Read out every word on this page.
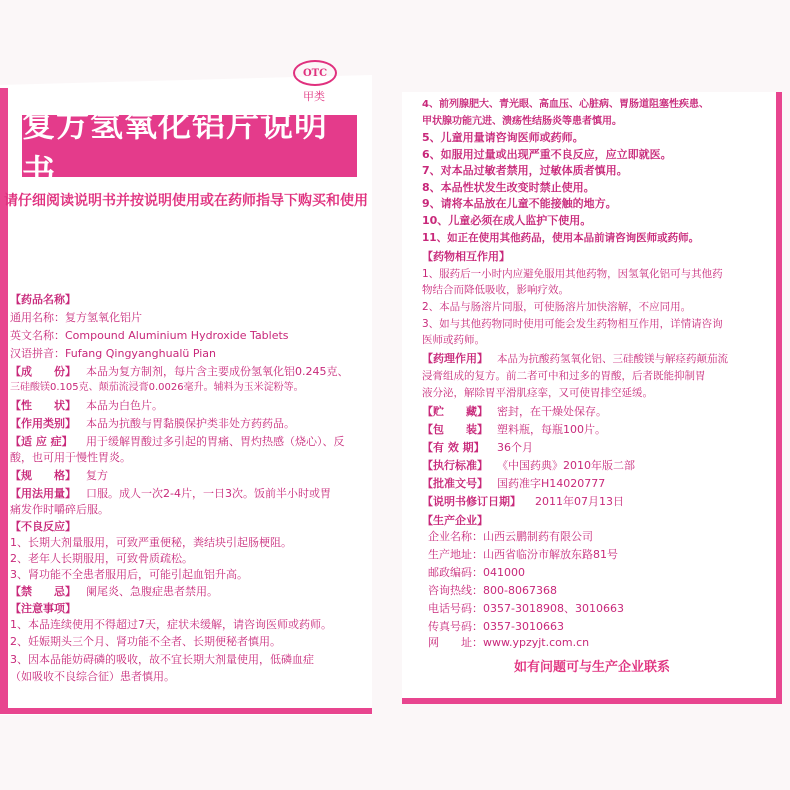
OTC
甲类
复方氢氧化铝片说明书
请仔细阅读说明书并按说明使用或在药师指导下购买和使用
【药品名称】
通用名称：复方氢氧化铝片
英文名称：Compound Aluminium Hydroxide Tablets
汉语拼音：Fufang Qingyanghualü Pian
【成　　份】 本品为复方制剂，每片含主要成份氢氧化铝0.245克、
三硅酸镁0.105克、颠茄流浸膏0.0026毫升。辅料为玉米淀粉等。
【性　　状】 本品为白色片。
【作用类别】 本品为抗酸与胃黏膜保护类非处方药药品。
【适 应 症】 用于缓解胃酸过多引起的胃痛、胃灼热感（烧心）、反
酸，也可用于慢性胃炎。
【规　　格】 复方
【用法用量】 口服。成人一次2-4片，一日3次。饭前半小时或胃
痛发作时嚼碎后服。
【不良反应】
1、长期大剂量服用，可致严重便秘，粪结块引起肠梗阻。
2、老年人长期服用，可致骨质疏松。
3、肾功能不全患者服用后，可能引起血铝升高。
【禁　　忌】 阑尾炎、急腹症患者禁用。
【注意事项】
1、本品连续使用不得超过7天，症状未缓解，请咨询医师或药师。
2、妊娠期头三个月、肾功能不全者、长期便秘者慎用。
3、因本品能妨碍磷的吸收，故不宜长期大剂量使用，低磷血症
（如吸收不良综合征）患者慎用。
4、前列腺肥大、青光眼、高血压、心脏病、胃肠道阻塞性疾患、
甲状腺功能亢进、溃疡性结肠炎等患者慎用。
5、儿童用量请咨询医师或药师。
6、如服用过量或出现严重不良反应，应立即就医。
7、对本品过敏者禁用，过敏体质者慎用。
8、本品性状发生改变时禁止使用。
9、请将本品放在儿童不能接触的地方。
10、儿童必须在成人监护下使用。
11、如正在使用其他药品，使用本品前请咨询医师或药师。
【药物相互作用】
1、服药后一小时内应避免服用其他药物，因氢氧化铝可与其他药
物结合而降低吸收，影响疗效。
2、本品与肠溶片同服，可使肠溶片加快溶解，不应同用。
3、如与其他药物同时使用可能会发生药物相互作用，详情请咨询
医师或药师。
【药理作用】 本品为抗酸药氢氧化铝、三硅酸镁与解痉药颠茄流
浸膏组成的复方。前二者可中和过多的胃酸，后者既能抑制胃
液分泌，解除胃平滑肌痉挛，又可使胃排空延缓。
【贮　　藏】 密封，在干燥处保存。
【包　　装】 塑料瓶，每瓶100片。
【有 效 期】 36个月
【执行标准】 《中国药典》2010年版二部
【批准文号】 国药准字H14020777
【说明书修订日期】 2011年07月13日
【生产企业】
企业名称：山西云鹏制药有限公司
生产地址：山西省临汾市解放东路81号
邮政编码：041000
咨询热线：800-8067368
电话号码：0357-3018908、3010663
传真号码：0357-3010663
网　　址：www.ypzyjt.com.cn
如有问题可与生产企业联系
